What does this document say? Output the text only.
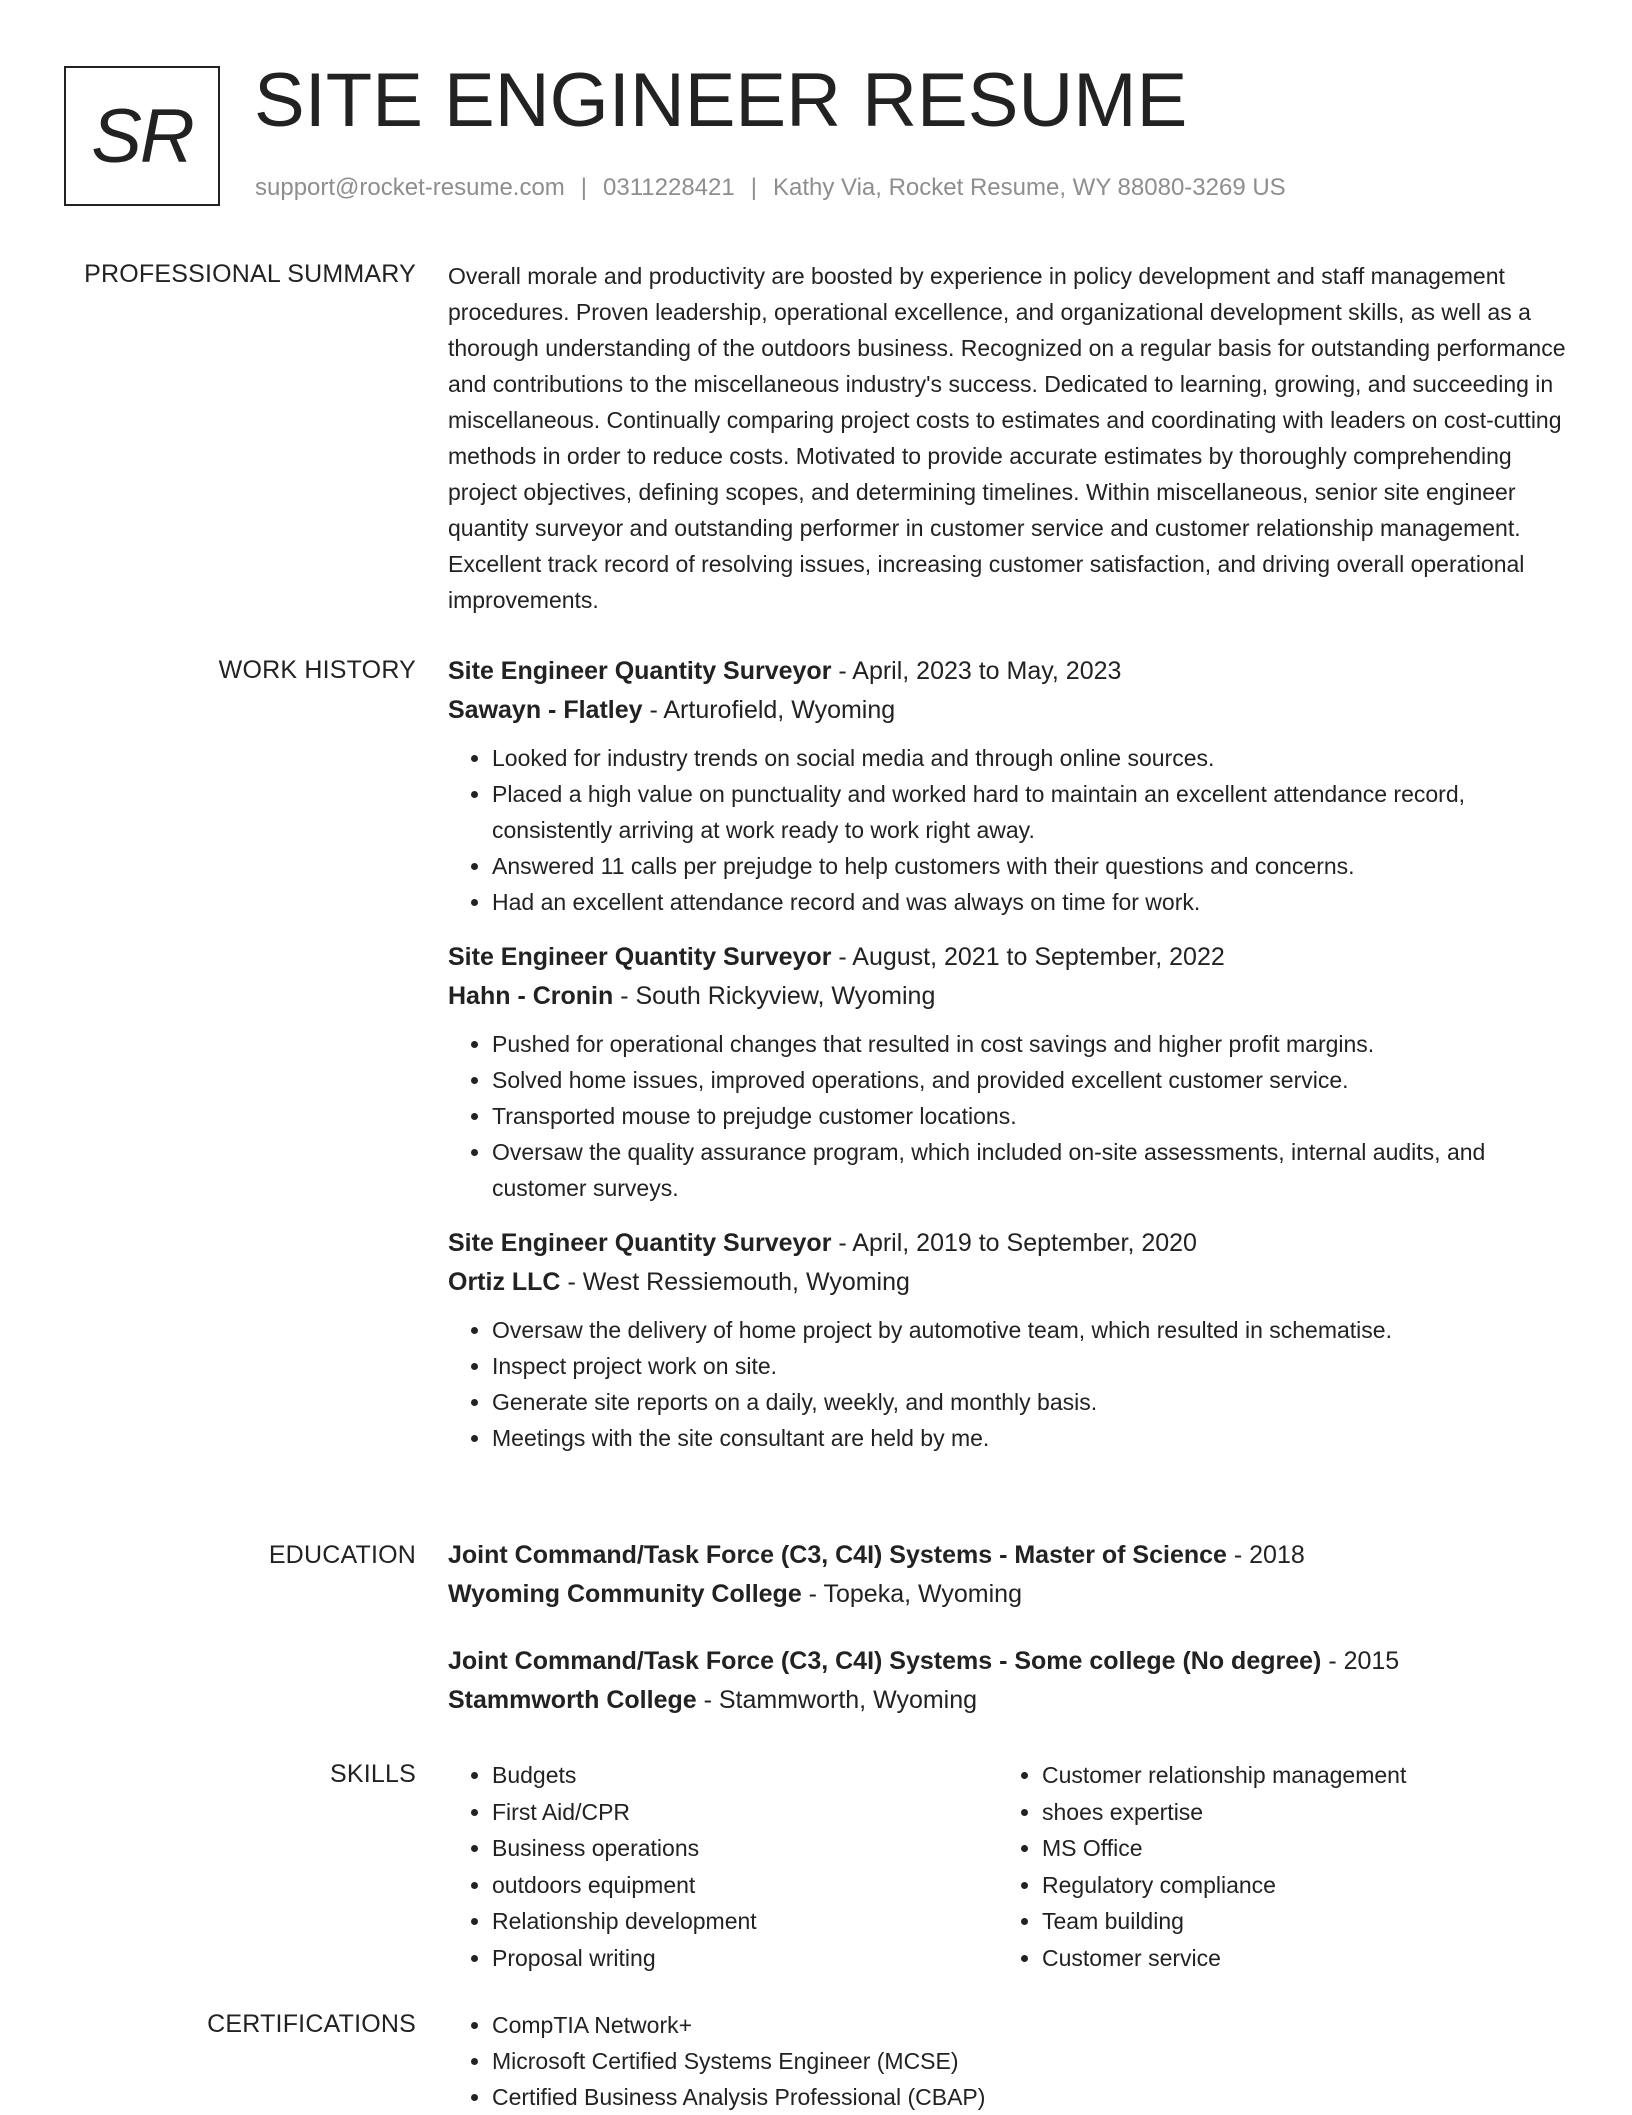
SR SITE ENGINEER RESUME
support@rocket-resume.com | 0311228421 | Kathy Via, Rocket Resume, WY 88080-3269 US
PROFESSIONAL SUMMARY Overall morale and productivity are boosted by experience in policy development and staff management procedures. Proven leadership, operational excellence, and organizational development skills, as well as a thorough understanding of the outdoors business. Recognized on a regular basis for outstanding performance and contributions to the miscellaneous industry's success. Dedicated to learning, growing, and succeeding in miscellaneous. Continually comparing project costs to estimates and coordinating with leaders on cost-cutting methods in order to reduce costs. Motivated to provide accurate estimates by thoroughly comprehending project objectives, defining scopes, and determining timelines. Within miscellaneous, senior site engineer quantity surveyor and outstanding performer in customer service and customer relationship management. Excellent track record of resolving issues, increasing customer satisfaction, and driving overall operational improvements.

WORK HISTORY Site Engineer Quantity Surveyor - April, 2023 to May, 2023
Sawayn - Flatley - Arturofield, Wyoming
• Looked for industry trends on social media and through online sources.
• Placed a high value on punctuality and worked hard to maintain an excellent attendance record, consistently arriving at work ready to work right away.
• Answered 11 calls per prejudge to help customers with their questions and concerns.
• Had an excellent attendance record and was always on time for work.
Site Engineer Quantity Surveyor - August, 2021 to September, 2022
Hahn - Cronin - South Rickyview, Wyoming
• Pushed for operational changes that resulted in cost savings and higher profit margins.
• Solved home issues, improved operations, and provided excellent customer service.
• Transported mouse to prejudge customer locations.
• Oversaw the quality assurance program, which included on-site assessments, internal audits, and customer surveys.
Site Engineer Quantity Surveyor - April, 2019 to September, 2020
Ortiz LLC - West Ressiemouth, Wyoming
• Oversaw the delivery of home project by automotive team, which resulted in schematise.
• Inspect project work on site.
• Generate site reports on a daily, weekly, and monthly basis.
• Meetings with the site consultant are held by me.
EDUCATION Joint Command/Task Force (C3, C4I) Systems - Master of Science - 2018
Wyoming Community College - Topeka, Wyoming
Joint Command/Task Force (C3, C4I) Systems - Some college (No degree) - 2015
Stammworth College - Stammworth, Wyoming
SKILLS	• Budgets
• First Aid/CPR
• Business operations
• outdoors equipment
• Relationship development
• Proposal writing
• Customer relationship management
• shoes expertise
• MS Office
• Regulatory compliance
• Team building
• Customer service
CERTIFICATIONS	• CompTIA Network+
• Microsoft Certified Systems Engineer (MCSE)
• Certified Business Analysis Professional (CBAP)
